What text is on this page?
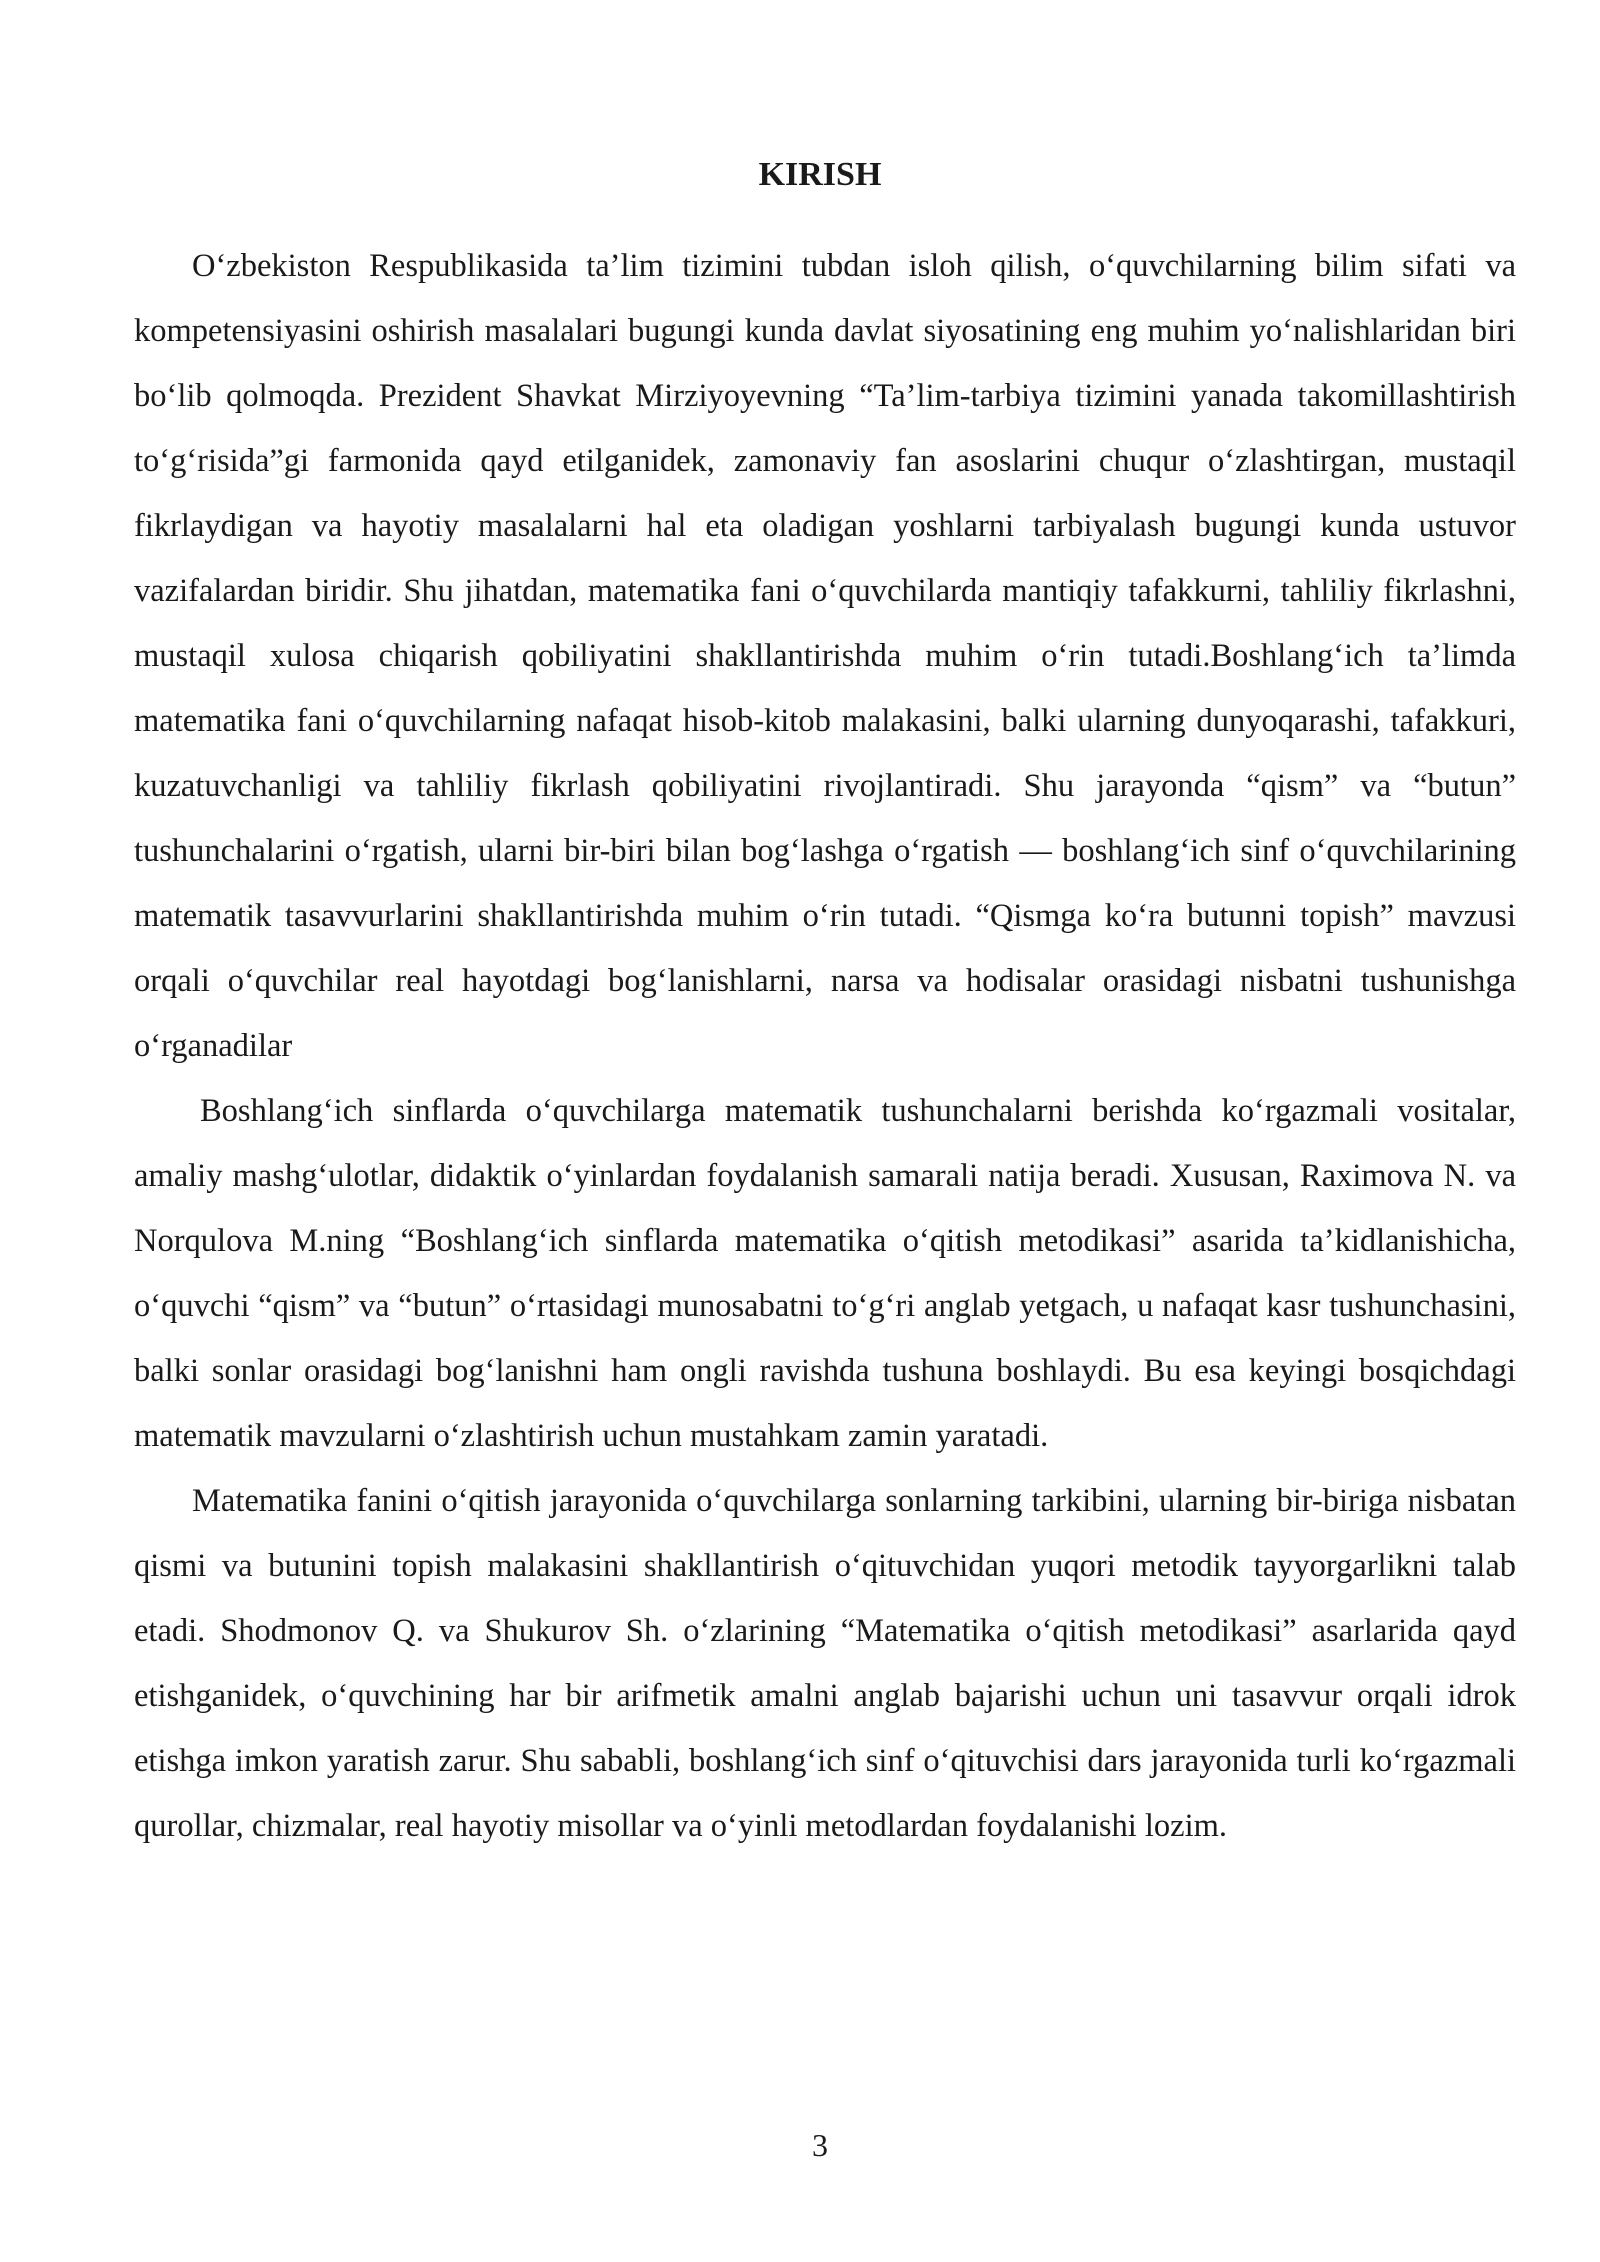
KIRISH

O‘zbekiston Respublikasida ta’lim tizimini tubdan isloh qilish, o‘quvchilarning bilim sifati va kompetensiyasini oshirish masalalari bugungi kunda davlat siyosatining eng muhim yo‘nalishlaridan biri bo‘lib qolmoqda. Prezident Shavkat Mirziyoyevning “Ta’lim-tarbiya tizimini yanada takomillashtirish to‘g‘risida”gi farmonida qayd etilganidek, zamonaviy fan asoslarini chuqur o‘zlashtirgan, mustaqil fikrlaydigan va hayotiy masalalarni hal eta oladigan yoshlarni tarbiyalash bugungi kunda ustuvor vazifalardan biridir. Shu jihatdan, matematika fani o‘quvchilarda mantiqiy tafakkurni, tahliliy fikrlashni, mustaqil xulosa chiqarish qobiliyatini shakllantirishda muhim o‘rin tutadi.Boshlang‘ich ta’limda matematika fani o‘quvchilarning nafaqat hisob-kitob malakasini, balki ularning dunyoqarashi, tafakkuri, kuzatuvchanligi va tahliliy fikrlash qobiliyatini rivojlantiradi. Shu jarayonda “qism” va “butun” tushunchalarini o‘rgatish, ularni bir-biri bilan bog‘lashga o‘rgatish — boshlang‘ich sinf o‘quvchilarining matematik tasavvurlarini shakllantirishda muhim o‘rin tutadi. “Qismga ko‘ra butunni topish” mavzusi orqali o‘quvchilar real hayotdagi bog‘lanishlarni, narsa va hodisalar orasidagi nisbatni tushunishga o‘rganadilar

Boshlang‘ich sinflarda o‘quvchilarga matematik tushunchalarni berishda ko‘rgazmali vositalar, amaliy mashg‘ulotlar, didaktik o‘yinlardan foydalanish samarali natija beradi. Xususan, Raximova N. va Norqulova M.ning “Boshlang‘ich sinflarda matematika o‘qitish metodikasi” asarida ta’kidlanishicha, o‘quvchi “qism” va “butun” o‘rtasidagi munosabatni to‘g‘ri anglab yetgach, u nafaqat kasr tushunchasini, balki sonlar orasidagi bog‘lanishni ham ongli ravishda tushuna boshlaydi. Bu esa keyingi bosqichdagi matematik mavzularni o‘zlashtirish uchun mustahkam zamin yaratadi.

Matematika fanini o‘qitish jarayonida o‘quvchilarga sonlarning tarkibini, ularning bir-biriga nisbatan qismi va butunini topish malakasini shakllantirish o‘qituvchidan yuqori metodik tayyorgarlikni talab etadi. Shodmonov Q. va Shukurov Sh. o‘zlarining “Matematika o‘qitish metodikasi” asarlarida qayd etishganidek, o‘quvchining har bir arifmetik amalni anglab bajarishi uchun uni tasavvur orqali idrok etishga imkon yaratish zarur. Shu sababli, boshlang‘ich sinf o‘qituvchisi dars jarayonida turli ko‘rgazmali qurollar, chizmalar, real hayotiy misollar va o‘yinli metodlardan foydalanishi lozim.

3
